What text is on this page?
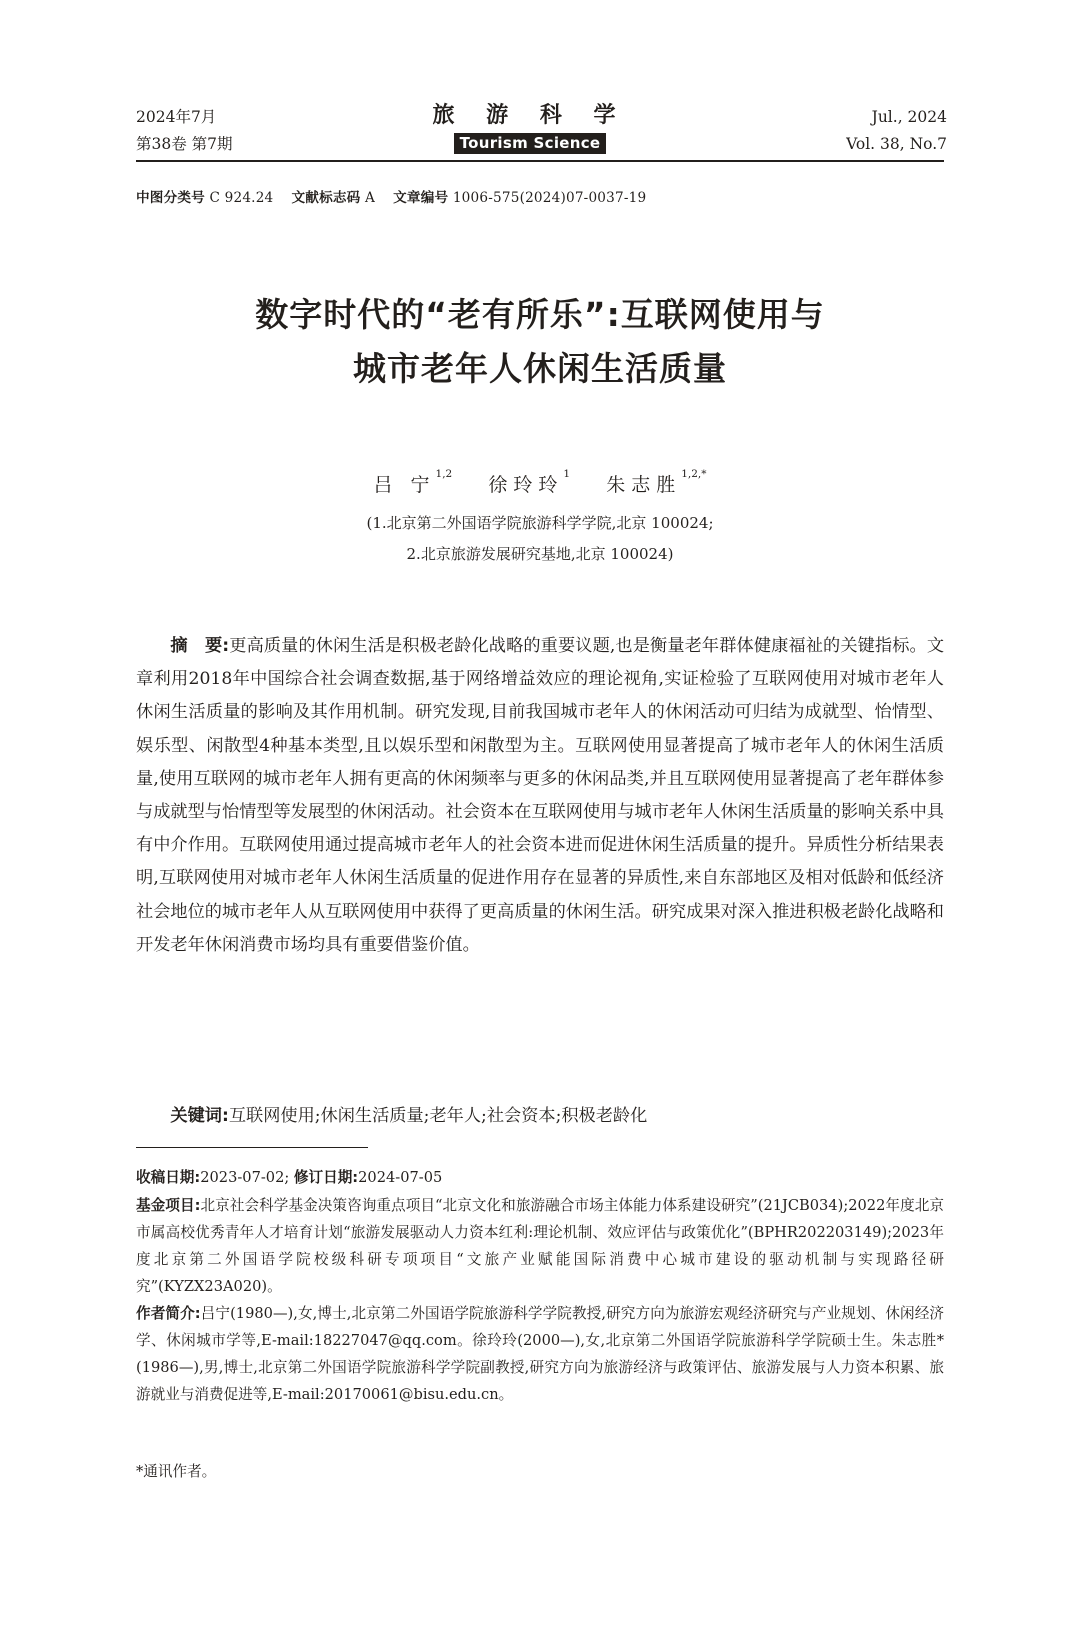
2024年7月
第38卷 第7期
旅 游 科 学
Tourism Science
Jul., 2024
Vol. 38, No.7
中图分类号 C 924.24 文献标志码 A 文章编号 1006-575(2024)07-0037-19
数字时代的“老有所乐”:互联网使用与
城市老年人休闲生活质量
吕 宁$^{1,2}$ 徐玲玲$^1$ 朱志胜$^{1,2,*}$
(1.北京第二外国语学院旅游科学学院,北京 100024;
2.北京旅游发展研究基地,北京 100024)

摘　要:更高质量的休闲生活是积极老龄化战略的重要议题,也是衡量老年群体健康福祉的关键指标。文章利用2018年中国综合社会调查数据,基于网络增益效应的理论视角,实证检验了互联网使用对城市老年人休闲生活质量的影响及其作用机制。研究发现,目前我国城市老年人的休闲活动可归结为成就型、怡情型、娱乐型、闲散型4种基本类型,且以娱乐型和闲散型为主。互联网使用显著提高了城市老年人的休闲生活质量,使用互联网的城市老年人拥有更高的休闲频率与更多的休闲品类,并且互联网使用显著提高了老年群体参与成就型与怡情型等发展型的休闲活动。社会资本在互联网使用与城市老年人休闲生活质量的影响关系中具有中介作用。互联网使用通过提高城市老年人的社会资本进而促进休闲生活质量的提升。异质性分析结果表明,互联网使用对城市老年人休闲生活质量的促进作用存在显著的异质性,来自东部地区及相对低龄和低经济社会地位的城市老年人从互联网使用中获得了更高质量的休闲生活。研究成果对深入推进积极老龄化战略和开发老年休闲消费市场均具有重要借鉴价值。

关键词:互联网使用;休闲生活质量;老年人;社会资本;积极老龄化
收稿日期:2023-07-02; 修订日期:2024-07-05
基金项目:北京社会科学基金决策咨询重点项目“北京文化和旅游融合市场主体能力体系建设研究”(21JCB034);2022年度北京市属高校优秀青年人才培育计划“旅游发展驱动人力资本红利:理论机制、效应评估与政策优化”(BPHR202203149);2023年度北京第二外国语学院校级科研专项项目“文旅产业赋能国际消费中心城市建设的驱动机制与实现路径研究”(KYZX23A020)。
作者简介:吕宁(1980—),女,博士,北京第二外国语学院旅游科学学院教授,研究方向为旅游宏观经济研究与产业规划、休闲经济学、休闲城市学等,E-mail:18227047@qq.com。徐玲玲(2000—),女,北京第二外国语学院旅游科学学院硕士生。朱志胜*(1986—),男,博士,北京第二外国语学院旅游科学学院副教授,研究方向为旅游经济与政策评估、旅游发展与人力资本积累、旅游就业与消费促进等,E-mail:20170061@bisu.edu.cn。
*通讯作者。
